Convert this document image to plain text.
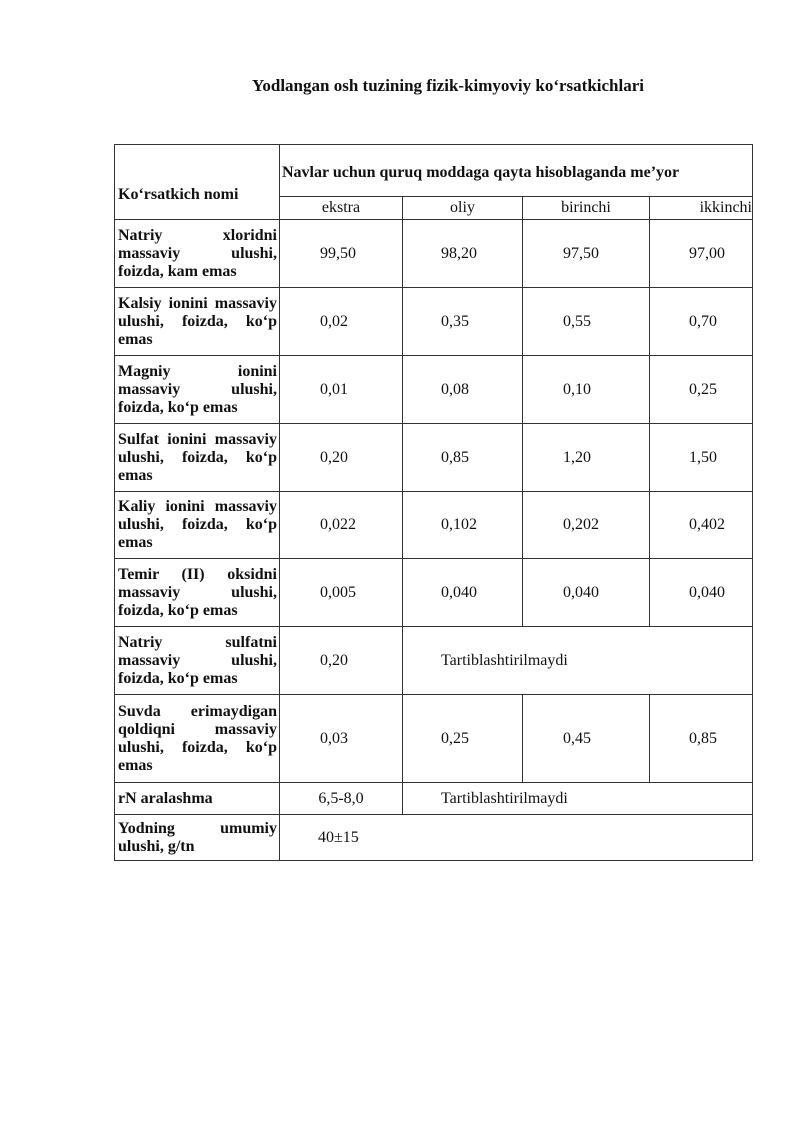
Yodlangan osh tuzining fizik-kimyoviy ko‘rsatkichlari
Ko‘rsatkich nomi	Navlar uchun quruq moddaga qayta hisoblaganda me’yor			
	ekstra	oliy	birinchi	ikkinchi
Natriy xloridni massaviy ulushi, foizda, kam emas	99,50	98,20	97,50	97,00
Kalsiy ionini massaviy ulushi, foizda, ko‘p emas	0,02	0,35	0,55	0,70
Magniy ionini massaviy ulushi, foizda, ko‘p emas	0,01	0,08	0,10	0,25
Sulfat ionini massaviy ulushi, foizda, ko‘p emas	0,20	0,85	1,20	1,50
Kaliy ionini massaviy ulushi, foizda, ko‘p emas	0,022	0,102	0,202	0,402
Temir (II) oksidni massaviy ulushi, foizda, ko‘p emas	0,005	0,040	0,040	0,040
Natriy sulfatni massaviy ulushi, foizda, ko‘p emas	0,20	Tartiblashtirilmaydi		
Suvda erimaydigan qoldiqni massaviy ulushi, foizda, ko‘p emas	0,03	0,25	0,45	0,85
rN aralashma	6,5-8,0	Tartiblashtirilmaydi		
Yodning umumiy ulushi, g/tn	40±15			
